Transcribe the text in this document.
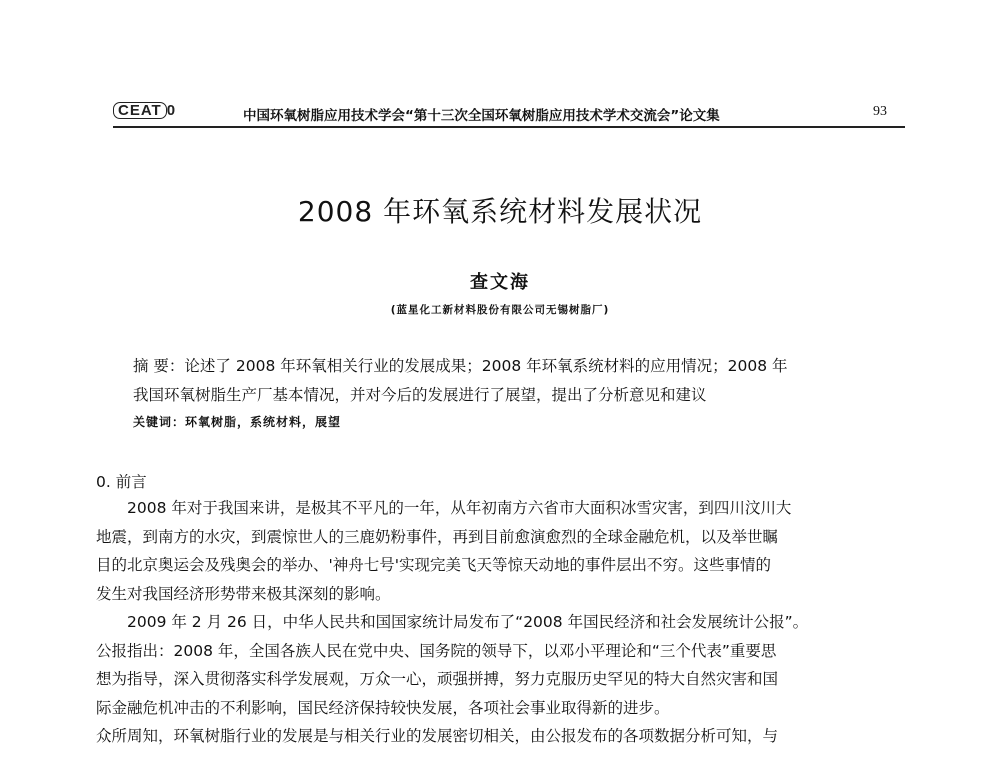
CEAT 0	中国环氧树脂应用技术学会“第十三次全国环氧树脂应用技术学术交流会”论文集	93
2008 年环氧系统材料发展状况
查文海
(蓝星化工新材料股份有限公司无锡树脂厂)
摘 要：论述了 2008 年环氧相关行业的发展成果；2008 年环氧系统材料的应用情况；2008 年
我国环氧树脂生产厂基本情况，并对今后的发展进行了展望，提出了分析意见和建议
关键词：环氧树脂，系统材料，展望
0. 前言
2008 年对于我国来讲，是极其不平凡的一年，从年初南方六省市大面积冰雪灾害，到四川汶川大
地震，到南方的水灾，到震惊世人的三鹿奶粉事件，再到目前愈演愈烈的全球金融危机，以及举世瞩
目的北京奥运会及残奥会的举办、'神舟七号'实现完美飞天等惊天动地的事件层出不穷。这些事情的
发生对我国经济形势带来极其深刻的影响。
2009 年 2 月 26 日，中华人民共和国国家统计局发布了“2008 年国民经济和社会发展统计公报”。
公报指出：2008 年，全国各族人民在党中央、国务院的领导下，以邓小平理论和“三个代表”重要思
想为指导，深入贯彻落实科学发展观，万众一心，顽强拼搏，努力克服历史罕见的特大自然灾害和国
际金融危机冲击的不利影响，国民经济保持较快发展，各项社会事业取得新的进步。
众所周知，环氧树脂行业的发展是与相关行业的发展密切相关，由公报发布的各项数据分析可知，与
